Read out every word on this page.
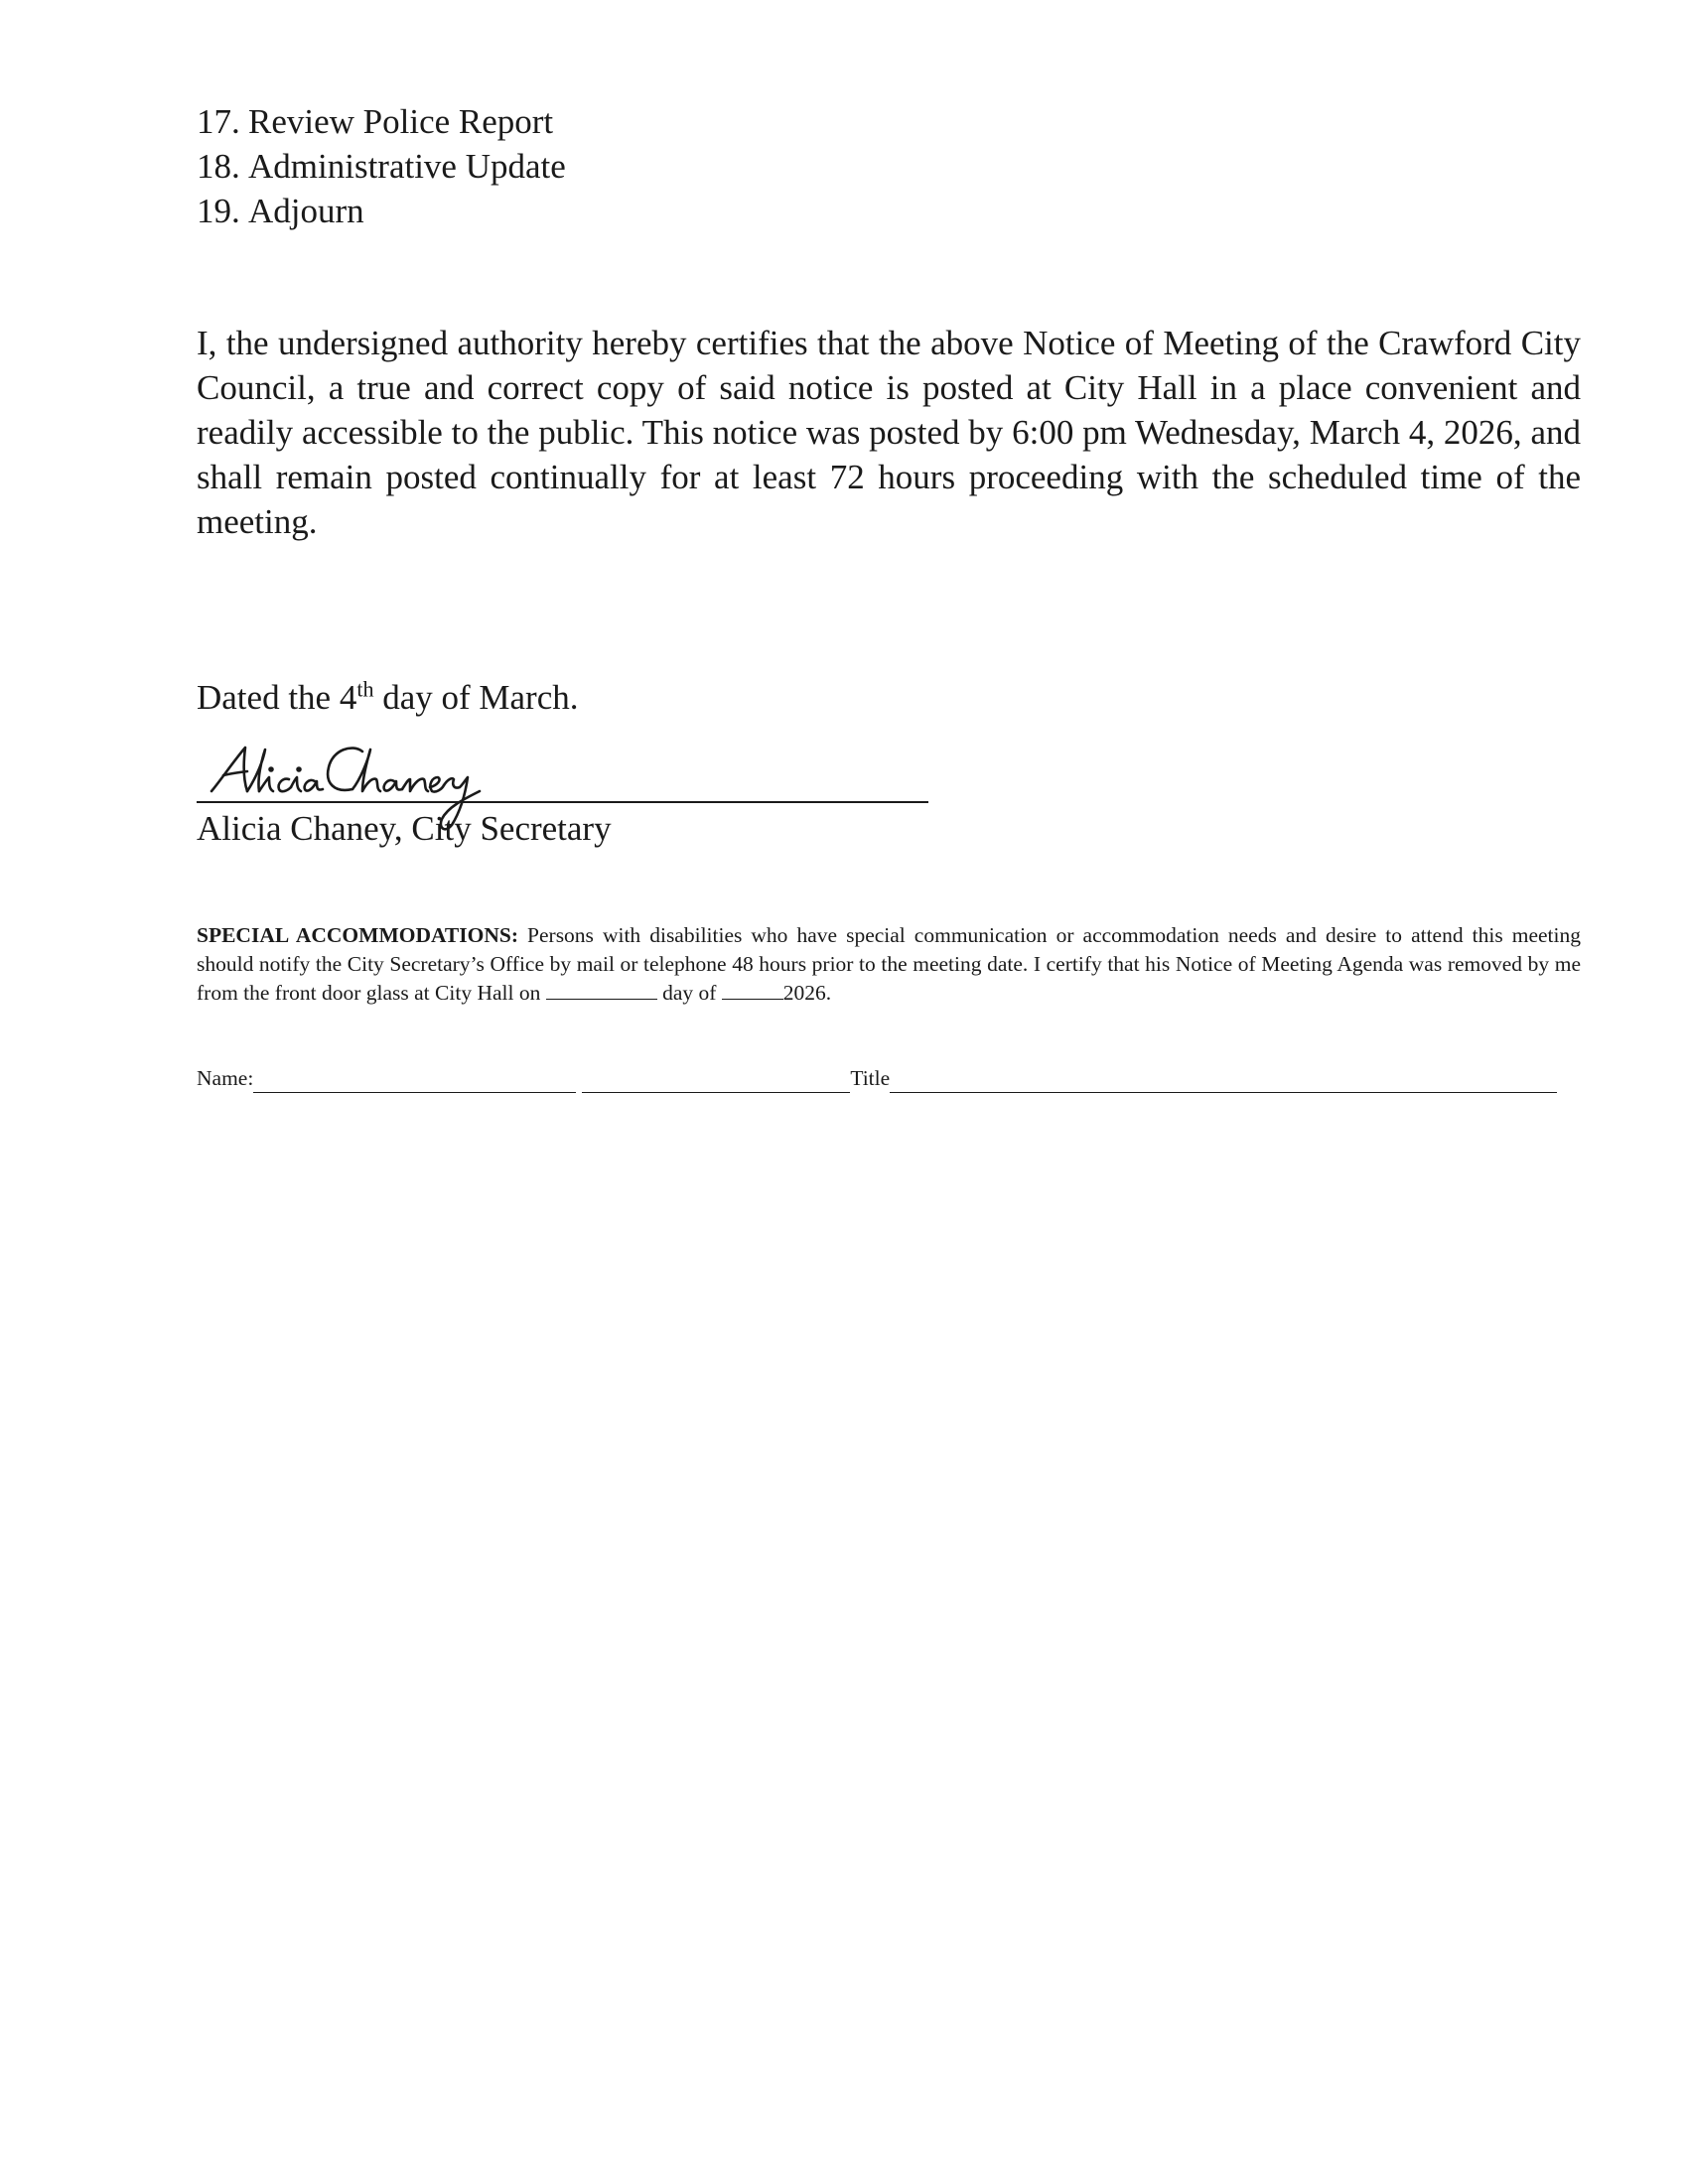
17. Review Police Report
18. Administrative Update
19. Adjourn

I, the undersigned authority hereby certifies that the above Notice of Meeting of the Crawford City Council, a true and correct copy of said notice is posted at City Hall in a place convenient and readily accessible to the public. This notice was posted by 6:00 pm Wednesday, March 4, 2026, and shall remain posted continually for at least 72 hours proceeding with the scheduled time of the meeting.

Dated the 4th day of March.
Alicia Chaney, City Secretary

SPECIAL ACCOMMODATIONS: Persons with disabilities who have special communication or accommodation needs and desire to attend this meeting should notify the City Secretary’s Office by mail or telephone 48 hours prior to the meeting date. I certify that his Notice of Meeting Agenda was removed by me from the front door glass at City Hall on	day of	2026.

Name:	Title
